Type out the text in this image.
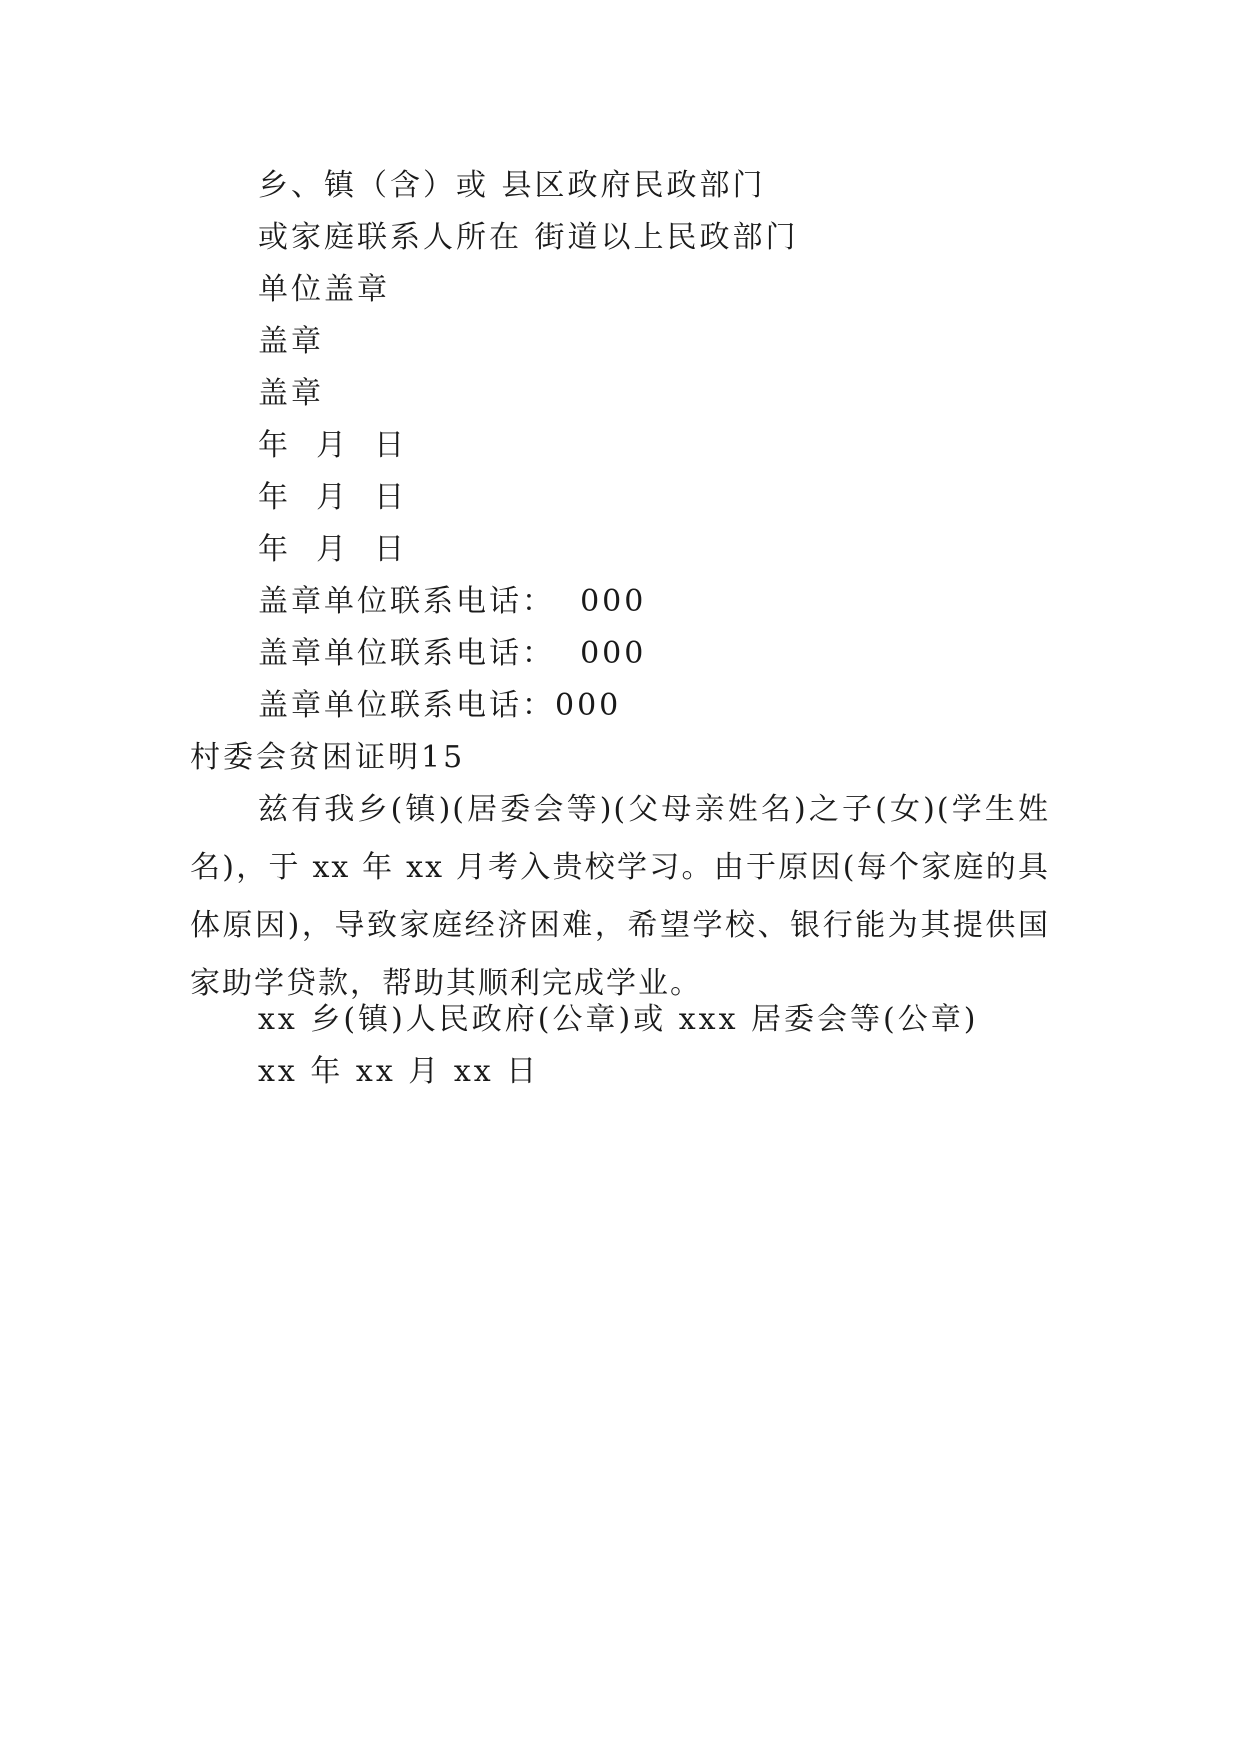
乡、镇（含）或 县区政府民政部门
或家庭联系人所在 街道以上民政部门
单位盖章
盖章
盖章
年  月  日
年  月  日
年  月  日
盖章单位联系电话：  000
盖章单位联系电话：  000
盖章单位联系电话：000
村委会贫困证明15
兹有我乡(镇)(居委会等)(父母亲姓名)之子(女)(学生姓名)，于 xx 年 xx 月考入贵校学习。由于原因(每个家庭的具体原因)，导致家庭经济困难，希望学校、银行能为其提供国家助学贷款，帮助其顺利完成学业。
xx 乡(镇)人民政府(公章)或 xxx 居委会等(公章)
xx 年 xx 月 xx 日
